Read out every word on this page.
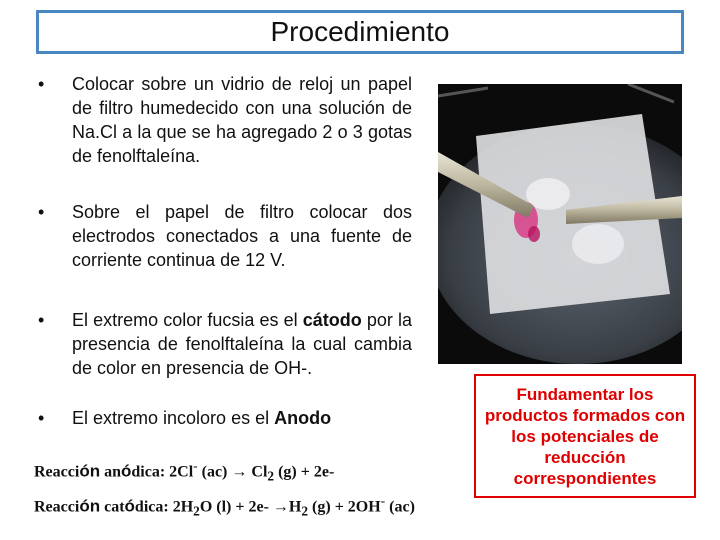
Procedimiento
•	Colocar sobre un vidrio de reloj un papel de filtro humedecido con una solución de Na.Cl a la que se ha agregado 2 o 3 gotas de fenolftaleína.
•	Sobre el papel de filtro colocar dos electrodos conectados a una fuente de corriente continua de 12 V.
•	El extremo color fucsia es el cátodo por la presencia de fenolftaleína la cual cambia de color en presencia de OH-.
•	El extremo incoloro es el Anodo
Reacción anódica: 2Cl- $(ac) \to Cl_2$ (g) + 2e-
Reacción catódica: $2H_2O$ $(l) + 2e- \to H_2$ (g) + 2OH- (ac)
Fundamentar los productos formados con los potenciales de reducción correspondientes
